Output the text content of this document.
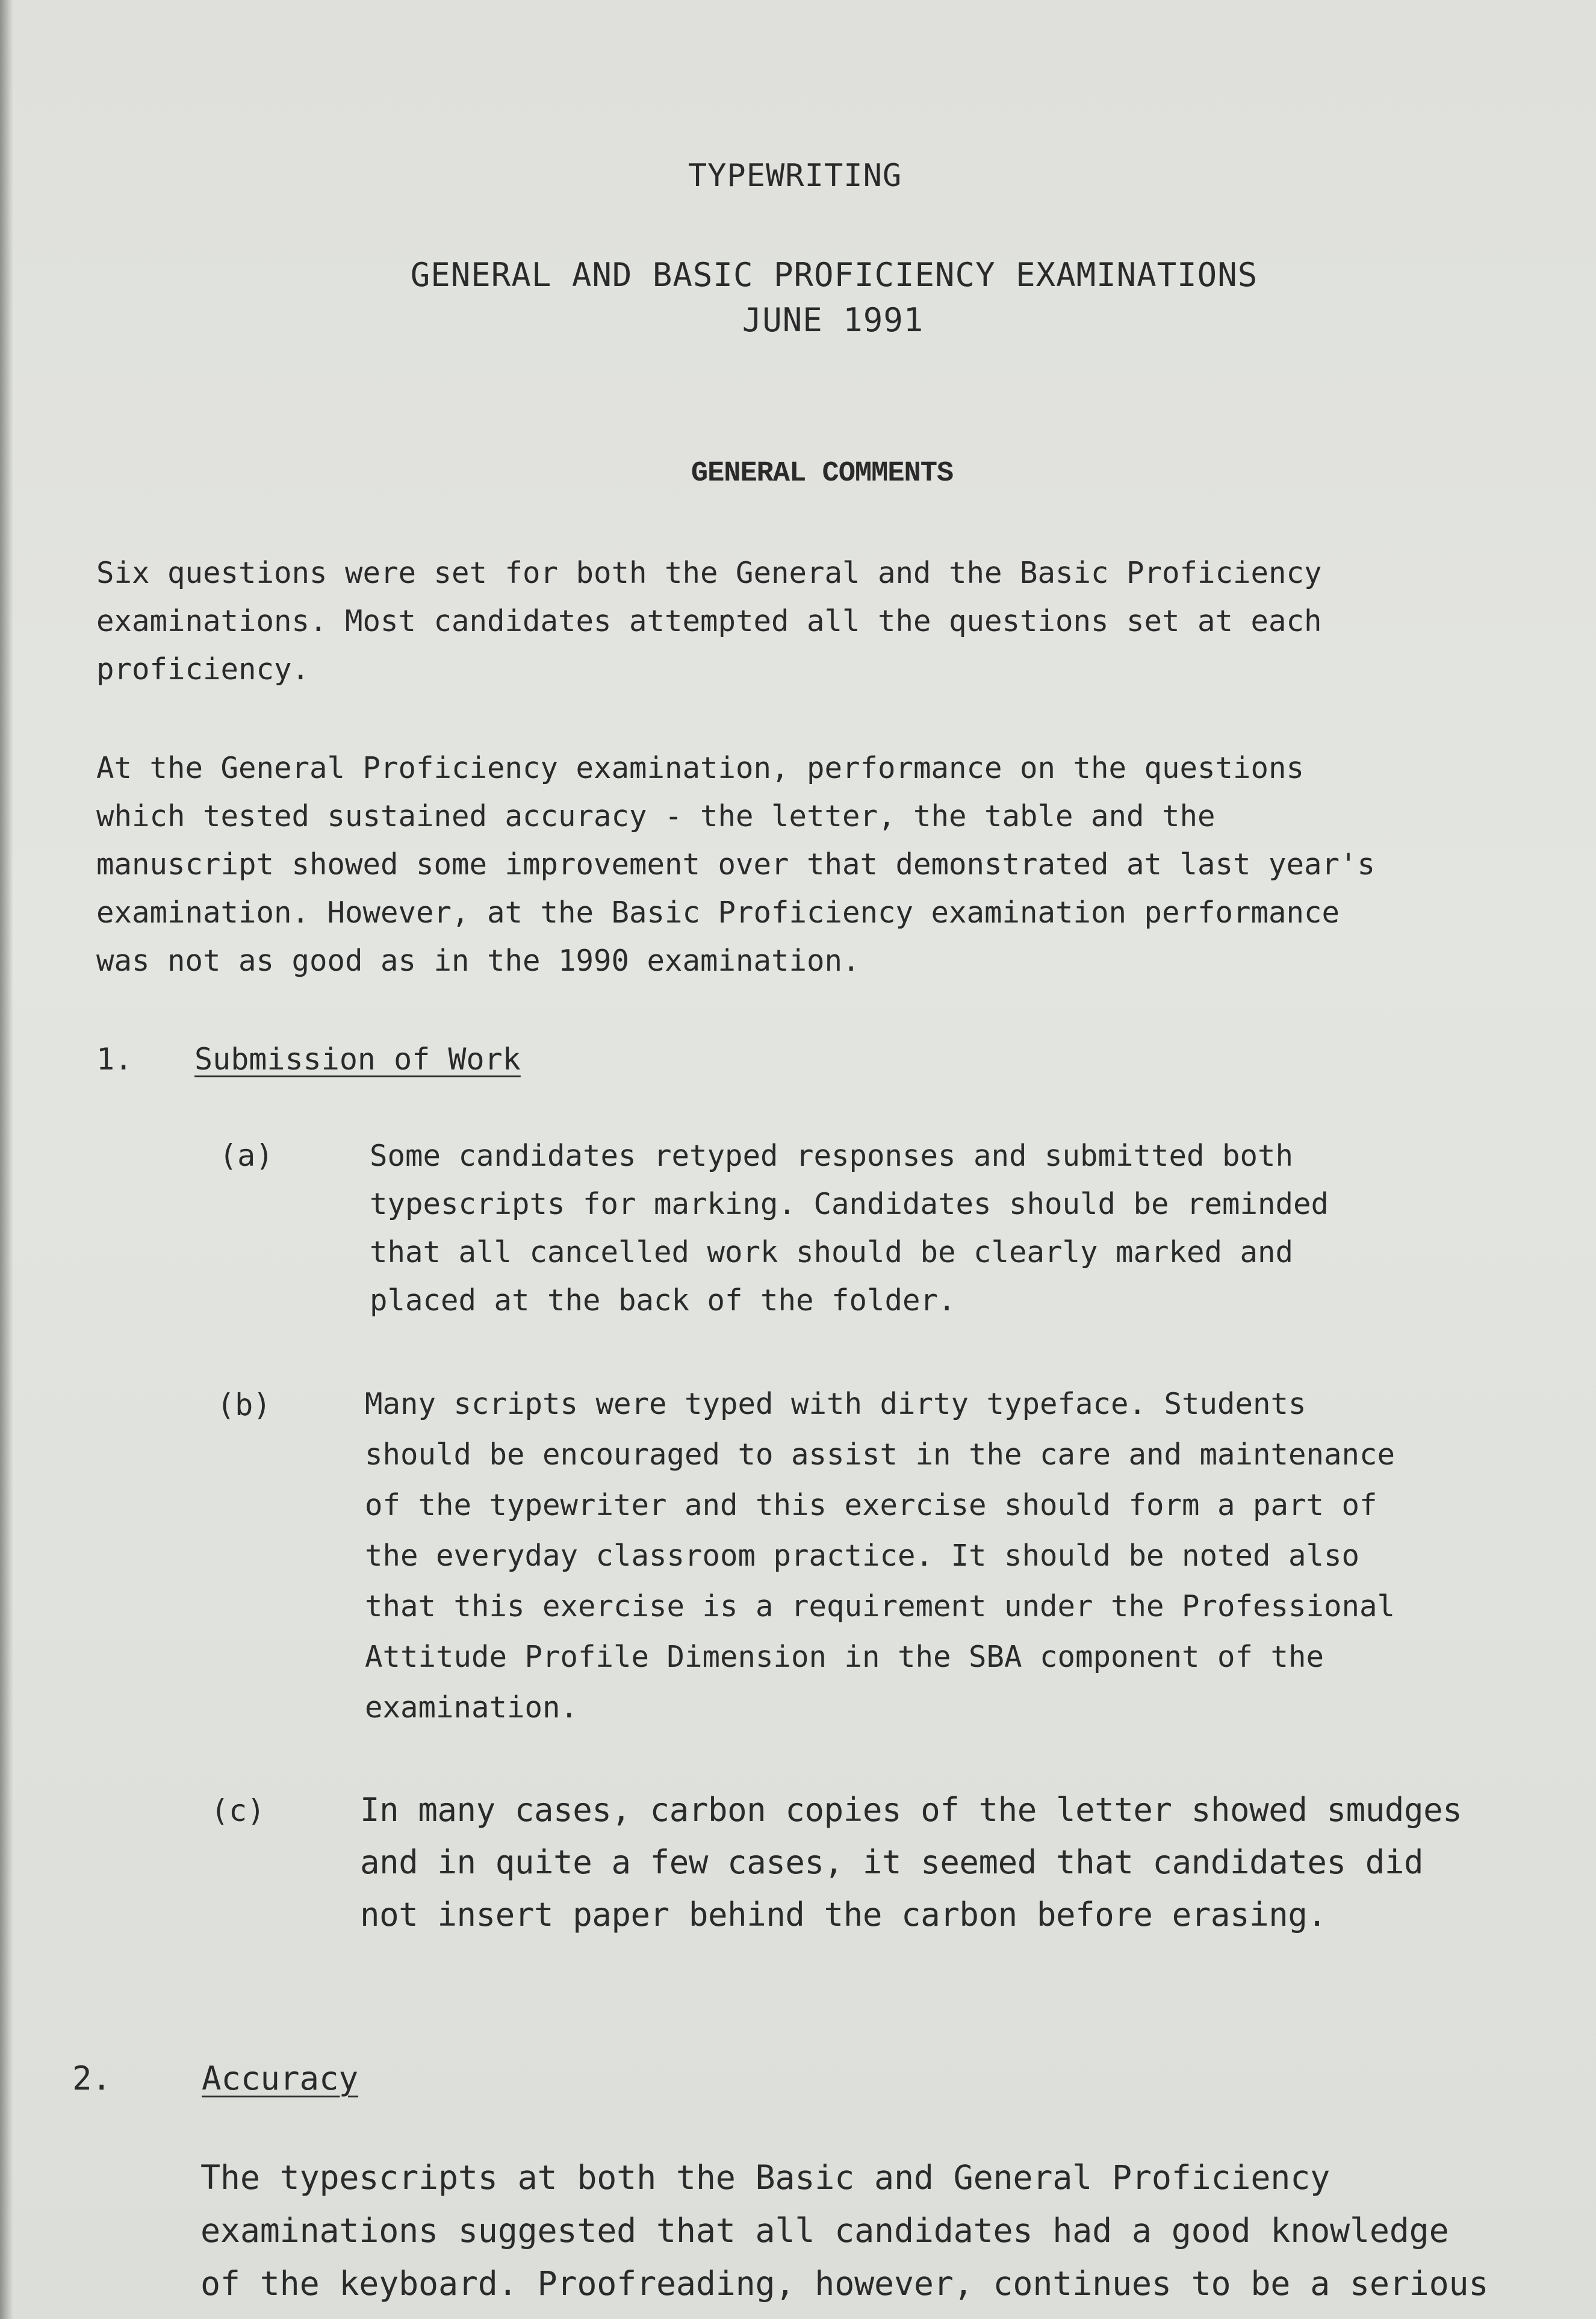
TYPEWRITING
GENERAL AND BASIC PROFICIENCY EXAMINATIONS
JUNE 1991
GENERAL COMMENTS
Six questions were set for both the General and the Basic Proficiency
examinations. Most candidates attempted all the questions set at each
proficiency.
At the General Proficiency examination, performance on the questions
which tested sustained accuracy - the letter, the table and the
manuscript showed some improvement over that demonstrated at last year's
examination. However, at the Basic Proficiency examination performance
was not as good as in the 1990 examination.
1. Submission of Work
(a)	Some candidates retyped responses and submitted both
typescripts for marking. Candidates should be reminded
that all cancelled work should be clearly marked and
placed at the back of the folder.
(b)	Many scripts were typed with dirty typeface. Students
should be encouraged to assist in the care and maintenance
of the typewriter and this exercise should form a part of
the everyday classroom practice. It should be noted also
that this exercise is a requirement under the Professional
Attitude Profile Dimension in the SBA component of the
examination.
(c)	In many cases, carbon copies of the letter showed smudges
and in quite a few cases, it seemed that candidates did
not insert paper behind the carbon before erasing.
2.	Accuracy
The typescripts at both the Basic and General Proficiency
examinations suggested that all candidates had a good knowledge
of the keyboard. Proofreading, however, continues to be a serious
